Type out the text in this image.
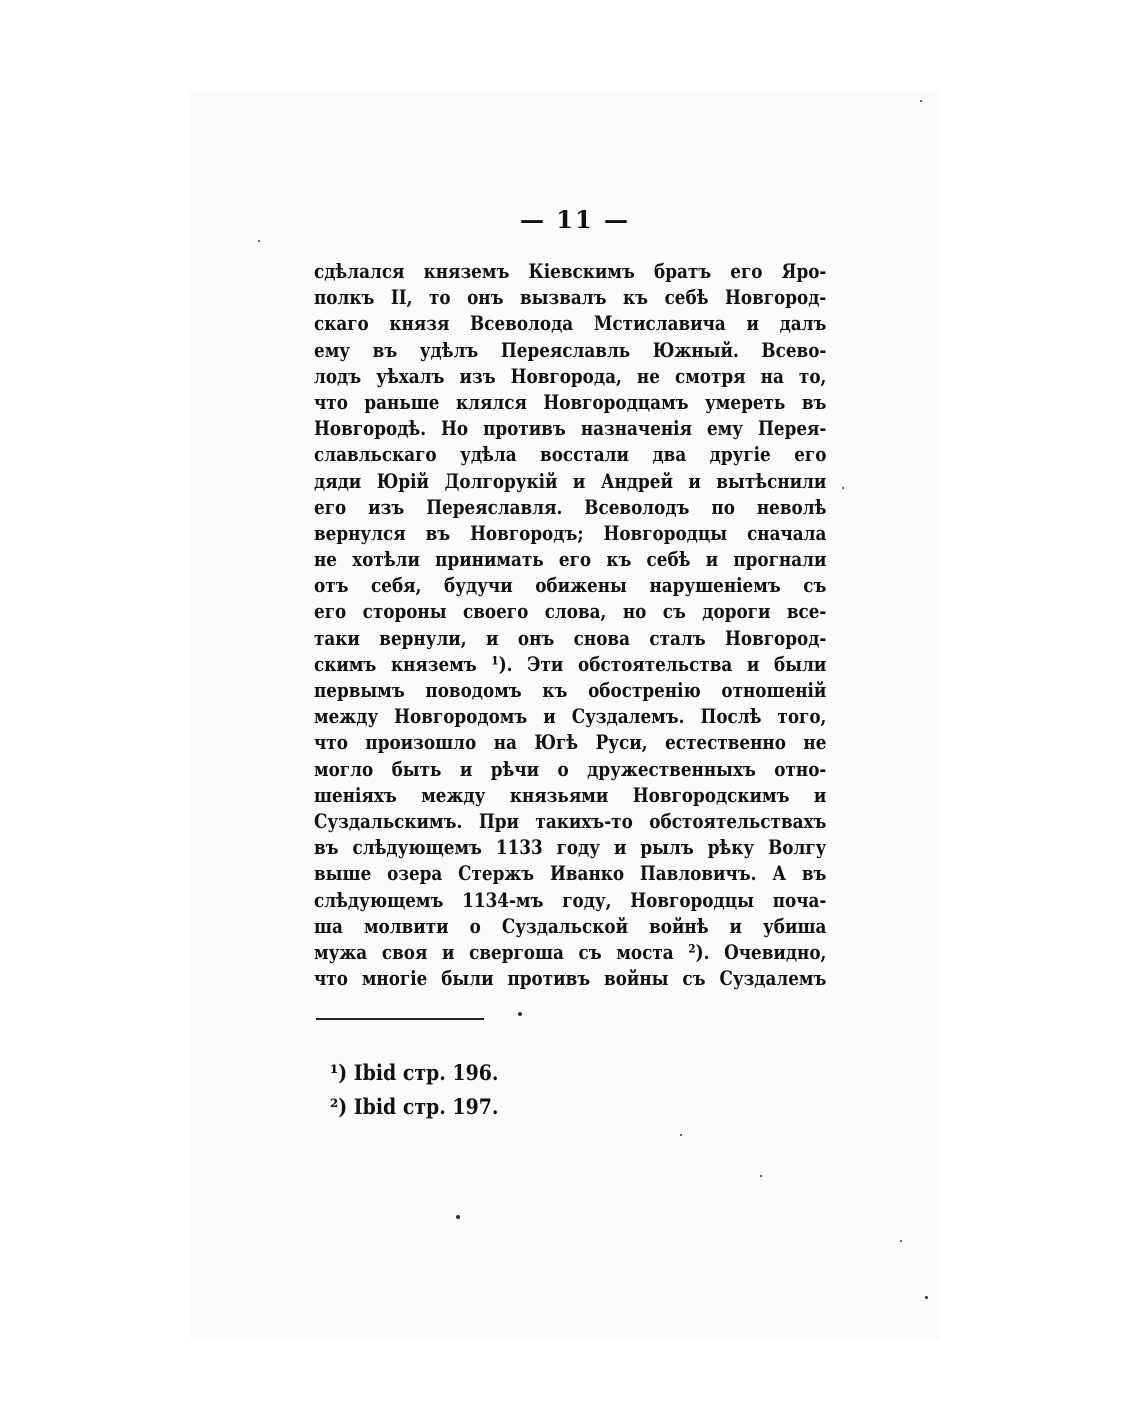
— 11 —
сдѣлался княземъ Кіевскимъ братъ его Яро-
полкъ II, то онъ вызвалъ къ себѣ Новгород-
скаго князя Всеволода Мстиславича и далъ
ему въ удѣлъ Переяславль Южный. Всево-
лодъ уѣхалъ изъ Новгорода, не смотря на то,
что раньше клялся Новгородцамъ умереть въ
Новгородѣ. Но противъ назначенія ему Перея-
славльскаго удѣла восстали два другіе его
дяди Юрій Долгорукій и Андрей и вытѣснили
его изъ Переяславля. Всеволодъ по неволѣ
вернулся въ Новгородъ; Новгородцы сначала
не хотѣли принимать его къ себѣ и прогнали
отъ себя, будучи обижены нарушеніемъ съ
его стороны своего слова, но съ дороги все-
таки вернули, и онъ снова сталъ Новгород-
скимъ княземъ ¹). Эти обстоятельства и были
первымъ поводомъ къ обостренію отношеній
между Новгородомъ и Суздалемъ. Послѣ того,
что произошло на Югѣ Руси, естественно не
могло быть и рѣчи о дружественныхъ отно-
шеніяхъ между князьями Новгородскимъ и
Суздальскимъ. При такихъ-то обстоятельствахъ
въ слѣдующемъ 1133 году и рылъ рѣку Волгу
выше озера Стержъ Иванко Павловичъ. А въ
слѣдующемъ 1134-мъ году, Новгородцы поча-
ша молвити о Суздальской войнѣ и убиша
мужа своя и свергоша съ моста ²). Очевидно,
что многіе были противъ войны съ Суздалемъ
¹) Ibid стр. 196.
²) Ibid стр. 197.
